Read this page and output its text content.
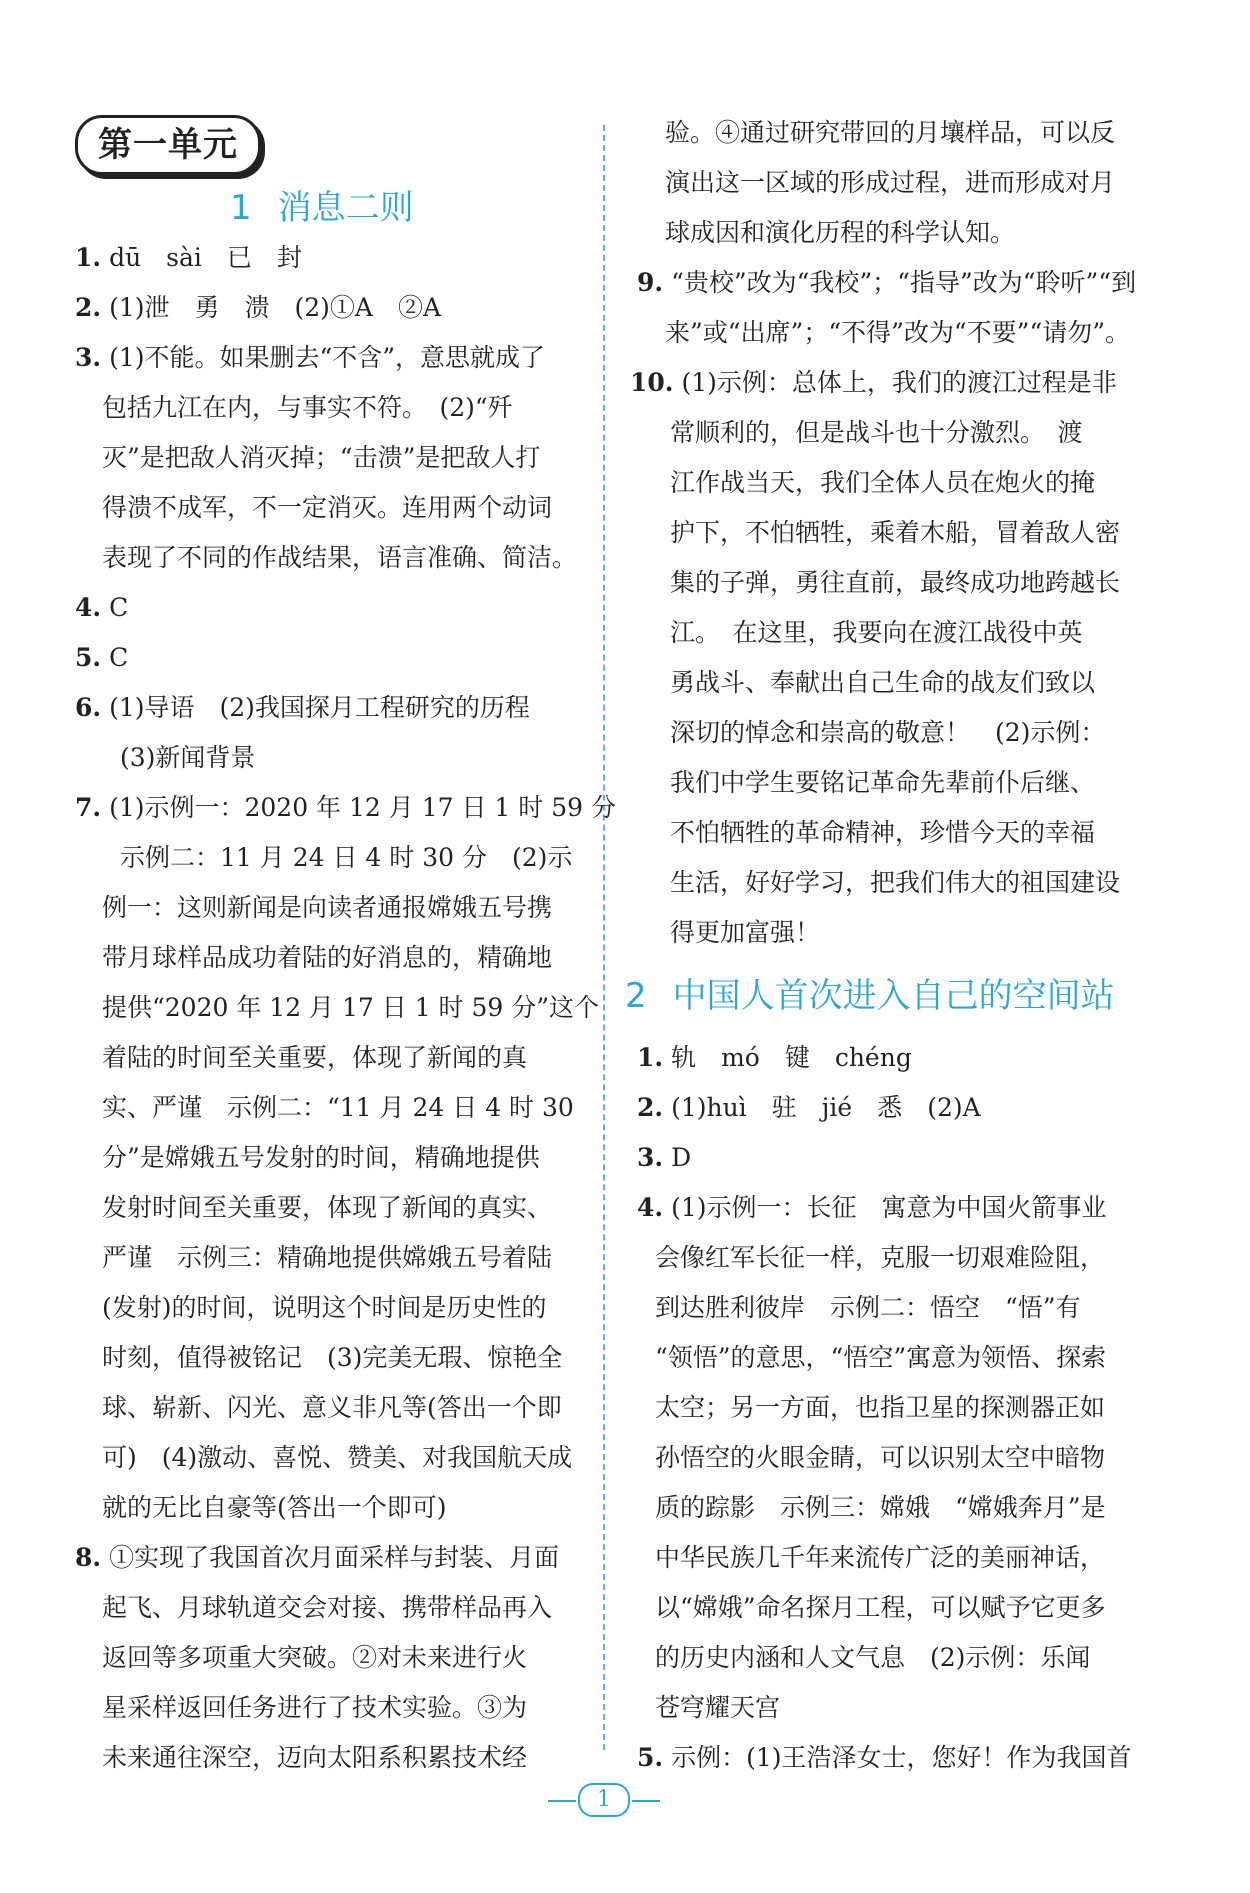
第一单元
1 消息二则
1. dū　sài　已　封
2. (1)泄　勇　溃　(2)①A　②A
3. (1)不能。如果删去“不含”，意思就成了
包括九江在内，与事实不符。　(2)“歼
灭”是把敌人消灭掉；“击溃”是把敌人打
得溃不成军，不一定消灭。连用两个动词
表现了不同的作战结果，语言准确、简洁。
4. C
5. C
6. (1)导语　(2)我国探月工程研究的历程
(3)新闻背景
7. (1)示例一：2020 年 12 月 17 日 1 时 59 分
示例二：11 月 24 日 4 时 30 分　(2)示
例一：这则新闻是向读者通报嫦娥五号携
带月球样品成功着陆的好消息的，精确地
提供“2020 年 12 月 17 日 1 时 59 分”这个
着陆的时间至关重要，体现了新闻的真
实、严谨　示例二：“11 月 24 日 4 时 30
分”是嫦娥五号发射的时间，精确地提供
发射时间至关重要，体现了新闻的真实、
严谨　示例三：精确地提供嫦娥五号着陆
(发射)的时间，说明这个时间是历史性的
时刻，值得被铭记　(3)完美无瑕、惊艳全
球、崭新、闪光、意义非凡等(答出一个即
可)　(4)激动、喜悦、赞美、对我国航天成
就的无比自豪等(答出一个即可)
8. ①实现了我国首次月面采样与封装、月面
起飞、月球轨道交会对接、携带样品再入
返回等多项重大突破。②对未来进行火
星采样返回任务进行了技术实验。③为
未来通往深空，迈向太阳系积累技术经
验。④通过研究带回的月壤样品，可以反
演出这一区域的形成过程，进而形成对月
球成因和演化历程的科学认知。
9. “贵校”改为“我校”；“指导”改为“聆听”“到
来”或“出席”；“不得”改为“不要”“请勿”。
10. (1)示例：总体上，我们的渡江过程是非
常顺利的，但是战斗也十分激烈。　渡
江作战当天，我们全体人员在炮火的掩
护下，不怕牺牲，乘着木船，冒着敌人密
集的子弹，勇往直前，最终成功地跨越长
江。　在这里，我要向在渡江战役中英
勇战斗、奉献出自己生命的战友们致以
深切的悼念和崇高的敬意！　(2)示例：
我们中学生要铭记革命先辈前仆后继、
不怕牺牲的革命精神，珍惜今天的幸福
生活，好好学习，把我们伟大的祖国建设
得更加富强！
1. 轨　mó　键　chéng
2. (1)huì　驻　jié　悉　(2)A
3. D
4. (1)示例一：长征　寓意为中国火箭事业
会像红军长征一样，克服一切艰难险阻，
到达胜利彼岸　示例二：悟空　“悟”有
“领悟”的意思，“悟空”寓意为领悟、探索
太空；另一方面，也指卫星的探测器正如
孙悟空的火眼金睛，可以识别太空中暗物
质的踪影　示例三：嫦娥　“嫦娥奔月”是
中华民族几千年来流传广泛的美丽神话，
以“嫦娥”命名探月工程，可以赋予它更多
的历史内涵和人文气息　(2)示例：乐闻
苍穹耀天宫
5. 示例：(1)王浩泽女士，您好！作为我国首
2 中国人首次进入自己的空间站
1
